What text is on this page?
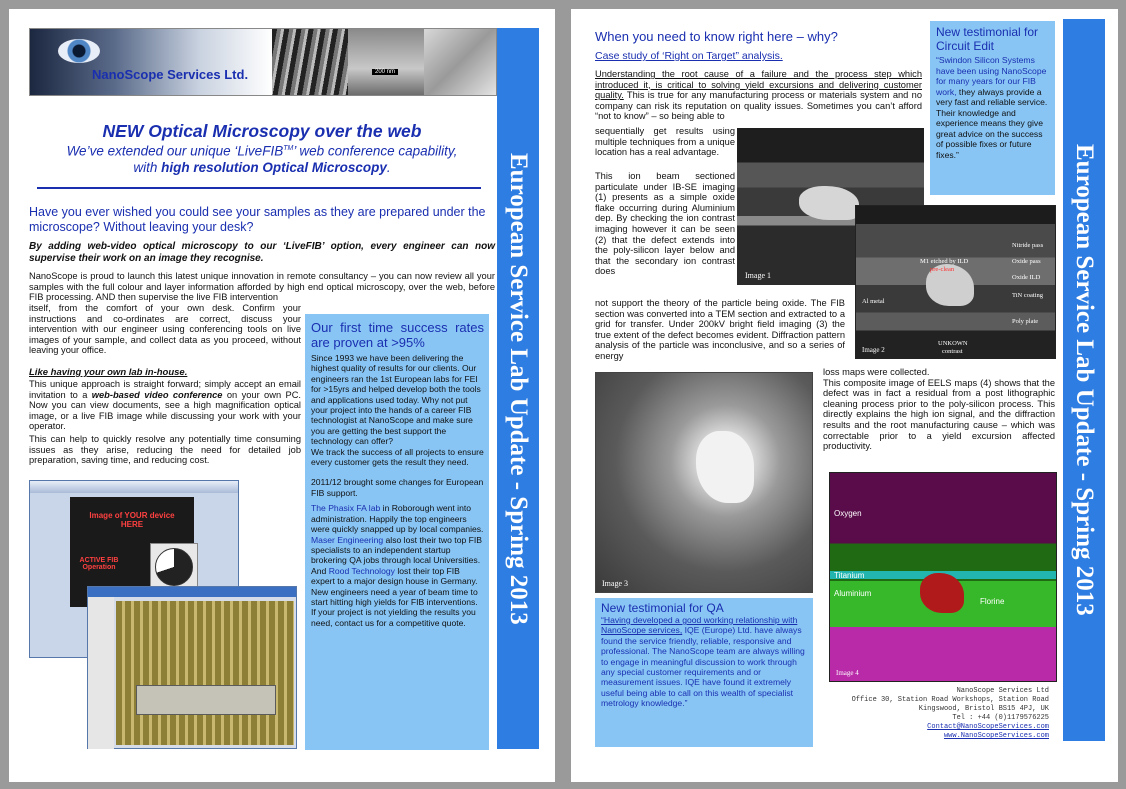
NanoScope Services Ltd.	200 nm
European Service Lab Update - Spring 2013
NEW Optical Microscopy over the web
We’ve extended our unique ‘LiveFIB™’ web conference capability,
with high resolution Optical Microscopy.
Have you ever wished you could see your samples as they are prepared under the microscope? Without leaving your desk?
By adding web-video optical microscopy to our ‘LiveFIB’ option, every engineer can now supervise their work on an image they recognise.
NanoScope is proud to launch this latest unique innovation in remote consultancy – you can now review all your samples with the full colour and layer information afforded by high end optical microscopy, over the web, before FIB processing. AND then supervise the live FIB intervention
itself, from the comfort of your own desk. Confirm your instructions and co-ordinates are correct, discuss your intervention with our engineer using conferencing tools on live images of your sample, and collect data as you proceed, without leaving your office.
Like having your own lab in-house.
This unique approach is straight forward; simply accept an email invitation to a web-based video conference on your own PC. Now you can view documents, see a high magnification optical image, or a live FIB image while discussing your work with your operator.
This can help to quickly resolve any potentially time consuming issues as they arise, reducing the need for detailed job preparation, saving time, and reducing cost.
Image of YOUR device HERE
ACTIVE FIB Operation
Our first time success rates are proven at >95%
Since 1993 we have been delivering the highest quality of results for our clients. Our engineers ran the 1st European labs for FEI for >15yrs and helped develop both the tools and applications used today. Why not put your project into the hands of a career FIB technologist at NanoScope and make sure you are getting the best support the technology can offer?
We track the success of all projects to ensure every customer gets the result they need.
2011/12 brought some changes for European FIB support.
The Phasix FA lab in Roborough went into administration. Happily the top engineers were quickly snapped up by local companies.
Maser Engineering also lost their two top FIB specialists to an independent startup brokering QA jobs through local Universities.
And Rood Technology lost their top FIB expert to a major design house in Germany.
New engineers need a year of beam time to start hitting high yields for FIB interventions.
If your project is not yielding the results you need, contact us for a competitive quote.
European Service Lab Update - Spring 2013
When you need to know right here – why?
Case study of ‘Right on Target” analysis.
Understanding the root cause of a failure and the process step which introduced it, is critical to solving yield excursions and delivering customer quality. This is true for any manufacturing process or materials system and no company can risk its reputation on quality issues. Sometimes you can’t afford “not to know” – so being able to
sequentially get results using multiple techniques from a unique location has a real advantage.
This ion beam sectioned particulate under IB-SE imaging (1) presents as a simple oxide flake occurring during Aluminium dep. By checking the ion contrast imaging however it can be seen (2) that the defect extends into the poly-silicon layer below and that the secondary ion contrast does
not support the theory of the particle being oxide. The FIB section was converted into a TEM section and extracted to a grid for transfer. Under 200kV bright field imaging (3) the true extent of the defect becomes evident. Diffraction pattern analysis of the particle was inconclusive, and so a series of energy
loss maps were collected.
This composite image of EELS maps (4) shows that the defect was in fact a residual from a post lithographic cleaning process prior to the poly-silicon process. This directly explains the high ion signal, and the diffraction results and the root manufacturing cause – which was correctable prior to a yield excursion affected productivity.
Image 1
M1 etched by ILD
pre-clean
Nitride pass
Oxide pass
Oxide ILD
TiN coating
Al metal
Poly plate
UNKOWN
contrast
Image 2
Image 3
Oxygen
Titanium
Aluminium
Florine
Image 4
New testimonial for Circuit Edit
“Swindon Silicon Systems have been using NanoScope for many years for our FIB work, they always provide a very fast and reliable service. Their knowledge and experience means they give great advice on the success of possible fixes or future fixes.”
New testimonial for QA
“Having developed a good working relationship with NanoScope services, IQE (Europe) Ltd. have always found the service friendly, reliable, responsive and professional. The NanoScope team are always willing to engage in meaningful discussion to work through any special customer requirements and or measurement issues. IQE have found it extremely useful being able to call on this wealth of specialist metrology knowledge.”
NanoScope Services Ltd
Office 30, Station Road Workshops, Station Road
Kingswood, Bristol BS15 4PJ, UK
Tel : +44 (0)1179576225
Contact@NanoScopeServices.com
www.NanoScopeServices.com
